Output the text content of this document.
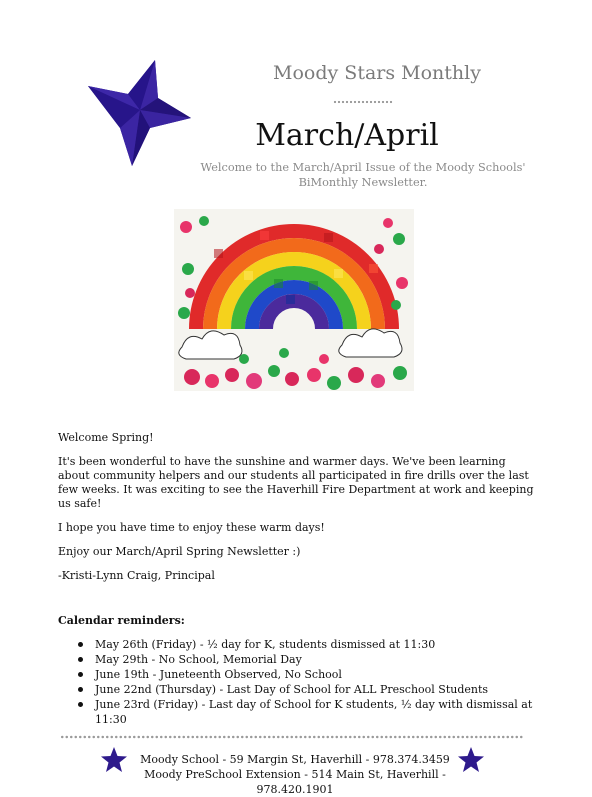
Moody Stars Monthly
March/April
Welcome to the March/April Issue of the Moody Schools' BiMonthly Newsletter.

Welcome Spring!

It's been wonderful to have the sunshine and warmer days. We've been learning about community helpers and our students all participated in fire drills over the last few weeks. It was exciting to see the Haverhill Fire Department at work and keeping us safe!

I hope you have time to enjoy these warm days!

Enjoy our March/April Spring Newsletter :)

-Kristi-Lynn Craig, Principal

Calendar reminders:
May 26th (Friday) - ½ day for K, students dismissed at 11:30
May 29th - No School, Memorial Day
June 19th - Juneteenth Observed, No School
June 22nd (Thursday) - Last Day of School for ALL Preschool Students
June 23rd (Friday) - Last day of School for K students, ½ day with dismissal at 11:30
Moody School - 59 Margin St, Haverhill - 978.374.3459
Moody PreSchool Extension - 514 Main St, Haverhill - 978.420.1901
